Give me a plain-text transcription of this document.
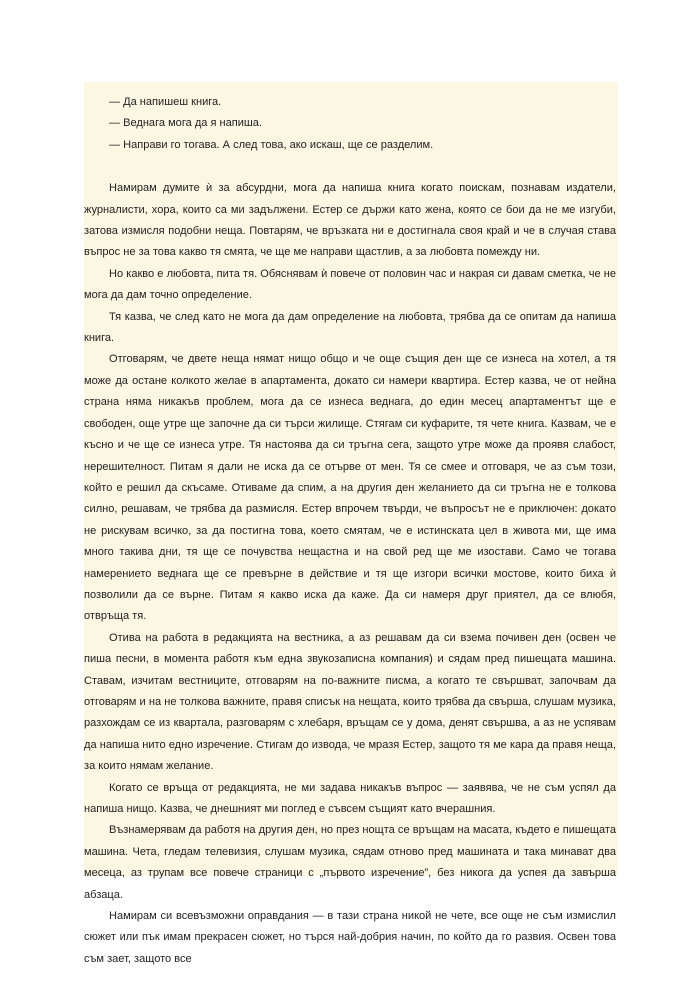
— Да напишеш книга.

— Веднага мога да я напиша.

— Направи го тогава. А след това, ако искаш, ще се разделим.

Намирам думите ѝ за абсурдни, мога да напиша книга когато поискам, познавам издатели, журналисти, хора, които са ми задължени. Естер се държи като жена, която се бои да не ме изгуби, затова измисля подобни неща. Повтарям, че връзката ни е достигнала своя край и че в случая става въпрос не за това какво тя смята, че ще ме направи щастлив, а за любовта помежду ни.

Но какво е любовта, пита тя. Обяснявам ѝ повече от половин час и накрая си давам сметка, че не мога да дам точно определение.

Тя казва, че след като не мога да дам определение на любовта, трябва да се опитам да напиша книга.

Отговарям, че двете неща нямат нищо общо и че още същия ден ще се изнеса на хотел, а тя може да остане колкото желае в апартамента, докато си намери квартира. Естер казва, че от нейна страна няма никакъв проблем, мога да се изнеса веднага, до един месец апартаментът ще е свободен, още утре ще започне да си търси жилище. Стягам си куфарите, тя чете книга. Казвам, че е късно и че ще се изнеса утре. Тя настоява да си тръгна сега, защото утре може да проявя слабост, нерешителност. Питам я дали не иска да се отърве от мен. Тя се смее и отговаря, че аз съм този, който е решил да скъсаме. Отиваме да спим, а на другия ден желанието да си тръгна не е толкова силно, решавам, че трябва да размисля. Естер впрочем твърди, че въпросът не е приключен: докато не рискувам всичко, за да постигна това, което смятам, че е истинската цел в живота ми, ще има много такива дни, тя ще се почувства нещастна и на свой ред ще ме изостави. Само че тогава намерението веднага ще се превърне в действие и тя ще изгори всички мостове, които биха ѝ позволили да се върне. Питам я какво иска да каже. Да си намеря друг приятел, да се влюбя, отвръща тя.

Отива на работа в редакцията на вестника, а аз решавам да си взема почивен ден (освен че пиша песни, в момента работя към една звукозаписна компания) и сядам пред пишещата машина. Ставам, изчитам вестниците, отговарям на по-важните писма, а когато те свършват, започвам да отговарям и на не толкова важните, правя списък на нещата, които трябва да свърша, слушам музика, разхождам се из квартала, разговарям с хлебаря, връщам се у дома, денят свършва, а аз не успявам да напиша нито едно изречение. Стигам до извода, че мразя Естер, защото тя ме кара да правя неща, за които нямам желание.

Когато се връща от редакцията, не ми задава никакъв въпрос — заявява, че не съм успял да напиша нищо. Казва, че днешният ми поглед е съвсем същият като вчерашния.

Възнамерявам да работя на другия ден, но през нощта се връщам на масата, където е пишещата машина. Чета, гледам телевизия, слушам музика, сядам отново пред машината и така минават два месеца, аз трупам все повече страници с „първото изречение”, без никога да успея да завърша абзаца.

Намирам си всевъзможни оправдания — в тази страна никой не чете, все още не съм измислил сюжет или пък имам прекрасен сюжет, но търся най-добрия начин, по който да го развия. Освен това съм зает, защото все
